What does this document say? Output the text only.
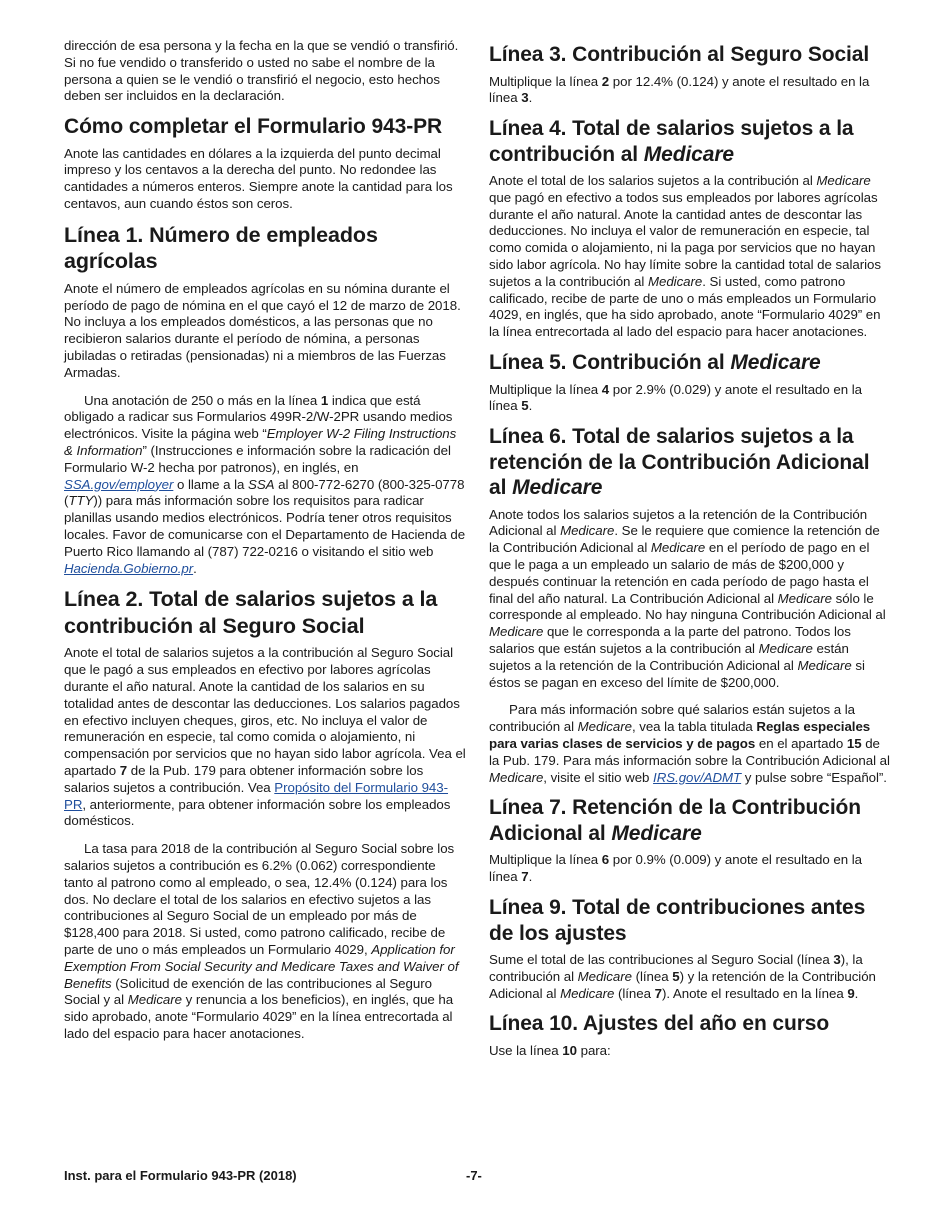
dirección de esa persona y la fecha en la que se vendió o transfirió. Si no fue vendido o transferido o usted no sabe el nombre de la persona a quien se le vendió o transfirió el negocio, esto hechos deben ser incluidos en la declaración.

Cómo completar el Formulario 943-PR

Anote las cantidades en dólares a la izquierda del punto decimal impreso y los centavos a la derecha del punto. No redondee las cantidades a números enteros. Siempre anote la cantidad para los centavos, aun cuando éstos son ceros.

Línea 1. Número de empleados agrícolas

Anote el número de empleados agrícolas en su nómina durante el período de pago de nómina en el que cayó el 12 de marzo de 2018. No incluya a los empleados domésticos, a las personas que no recibieron salarios durante el período de nómina, a personas jubiladas o retiradas (pensionadas) ni a miembros de las Fuerzas Armadas.

Una anotación de 250 o más en la línea 1 indica que está obligado a radicar sus Formularios 499R-2/W-2PR usando medios electrónicos. Visite la página web “Employer W-2 Filing Instructions & Information” (Instrucciones e información sobre la radicación del Formulario W-2 hecha por patronos), en inglés, en SSA.gov/employer o llame a la SSA al 800-772-6270 (800-325-0778 (TTY)) para más información sobre los requisitos para radicar planillas usando medios electrónicos. Podría tener otros requisitos locales. Favor de comunicarse con el Departamento de Hacienda de Puerto Rico llamando al (787) 722-0216 o visitando el sitio web Hacienda.Gobierno.pr.

Línea 2. Total de salarios sujetos a la contribución al Seguro Social

Anote el total de salarios sujetos a la contribución al Seguro Social que le pagó a sus empleados en efectivo por labores agrícolas durante el año natural. Anote la cantidad de los salarios en su totalidad antes de descontar las deducciones. Los salarios pagados en efectivo incluyen cheques, giros, etc. No incluya el valor de remuneración en especie, tal como comida o alojamiento, ni compensación por servicios que no hayan sido labor agrícola. Vea el apartado 7 de la Pub. 179 para obtener información sobre los salarios sujetos a contribución. Vea Propósito del Formulario 943-PR, anteriormente, para obtener información sobre los empleados domésticos.

La tasa para 2018 de la contribución al Seguro Social sobre los salarios sujetos a contribución es 6.2% (0.062) correspondiente tanto al patrono como al empleado, o sea, 12.4% (0.124) para los dos. No declare el total de los salarios en efectivo sujetos a las contribuciones al Seguro Social de un empleado por más de $128,400 para 2018. Si usted, como patrono calificado, recibe de parte de uno o más empleados un Formulario 4029, Application for Exemption From Social Security and Medicare Taxes and Waiver of Benefits (Solicitud de exención de las contribuciones al Seguro Social y al Medicare y renuncia a los beneficios), en inglés, que ha sido aprobado, anote “Formulario 4029” en la línea entrecortada al lado del espacio para hacer anotaciones.

Línea 3. Contribución al Seguro Social

Multiplique la línea 2 por 12.4% (0.124) y anote el resultado en la línea 3.

Línea 4. Total de salarios sujetos a la contribución al Medicare

Anote el total de los salarios sujetos a la contribución al Medicare que pagó en efectivo a todos sus empleados por labores agrícolas durante el año natural. Anote la cantidad antes de descontar las deducciones. No incluya el valor de remuneración en especie, tal como comida o alojamiento, ni la paga por servicios que no hayan sido labor agrícola. No hay límite sobre la cantidad total de salarios sujetos a la contribución al Medicare. Si usted, como patrono calificado, recibe de parte de uno o más empleados un Formulario 4029, en inglés, que ha sido aprobado, anote “Formulario 4029” en la línea entrecortada al lado del espacio para hacer anotaciones.

Línea 5. Contribución al Medicare

Multiplique la línea 4 por 2.9% (0.029) y anote el resultado en la línea 5.

Línea 6. Total de salarios sujetos a la retención de la Contribución Adicional al Medicare

Anote todos los salarios sujetos a la retención de la Contribución Adicional al Medicare. Se le requiere que comience la retención de la Contribución Adicional al Medicare en el período de pago en el que le paga a un empleado un salario de más de $200,000 y después continuar la retención en cada período de pago hasta el final del año natural. La Contribución Adicional al Medicare sólo le corresponde al empleado. No hay ninguna Contribución Adicional al Medicare que le corresponda a la parte del patrono. Todos los salarios que están sujetos a la contribución al Medicare están sujetos a la retención de la Contribución Adicional al Medicare si éstos se pagan en exceso del límite de $200,000.

Para más información sobre qué salarios están sujetos a la contribución al Medicare, vea la tabla titulada Reglas especiales para varias clases de servicios y de pagos en el apartado 15 de la Pub. 179. Para más información sobre la Contribución Adicional al Medicare, visite el sitio web IRS.gov/ADMT y pulse sobre “Español”.

Línea 7. Retención de la Contribución Adicional al Medicare

Multiplique la línea 6 por 0.9% (0.009) y anote el resultado en la línea 7.

Línea 9. Total de contribuciones antes de los ajustes

Sume el total de las contribuciones al Seguro Social (línea 3), la contribución al Medicare (línea 5) y la retención de la Contribución Adicional al Medicare (línea 7). Anote el resultado en la línea 9.

Línea 10. Ajustes del año en curso

Use la línea 10 para:

Inst. para el Formulario 943-PR (2018)	-7-
